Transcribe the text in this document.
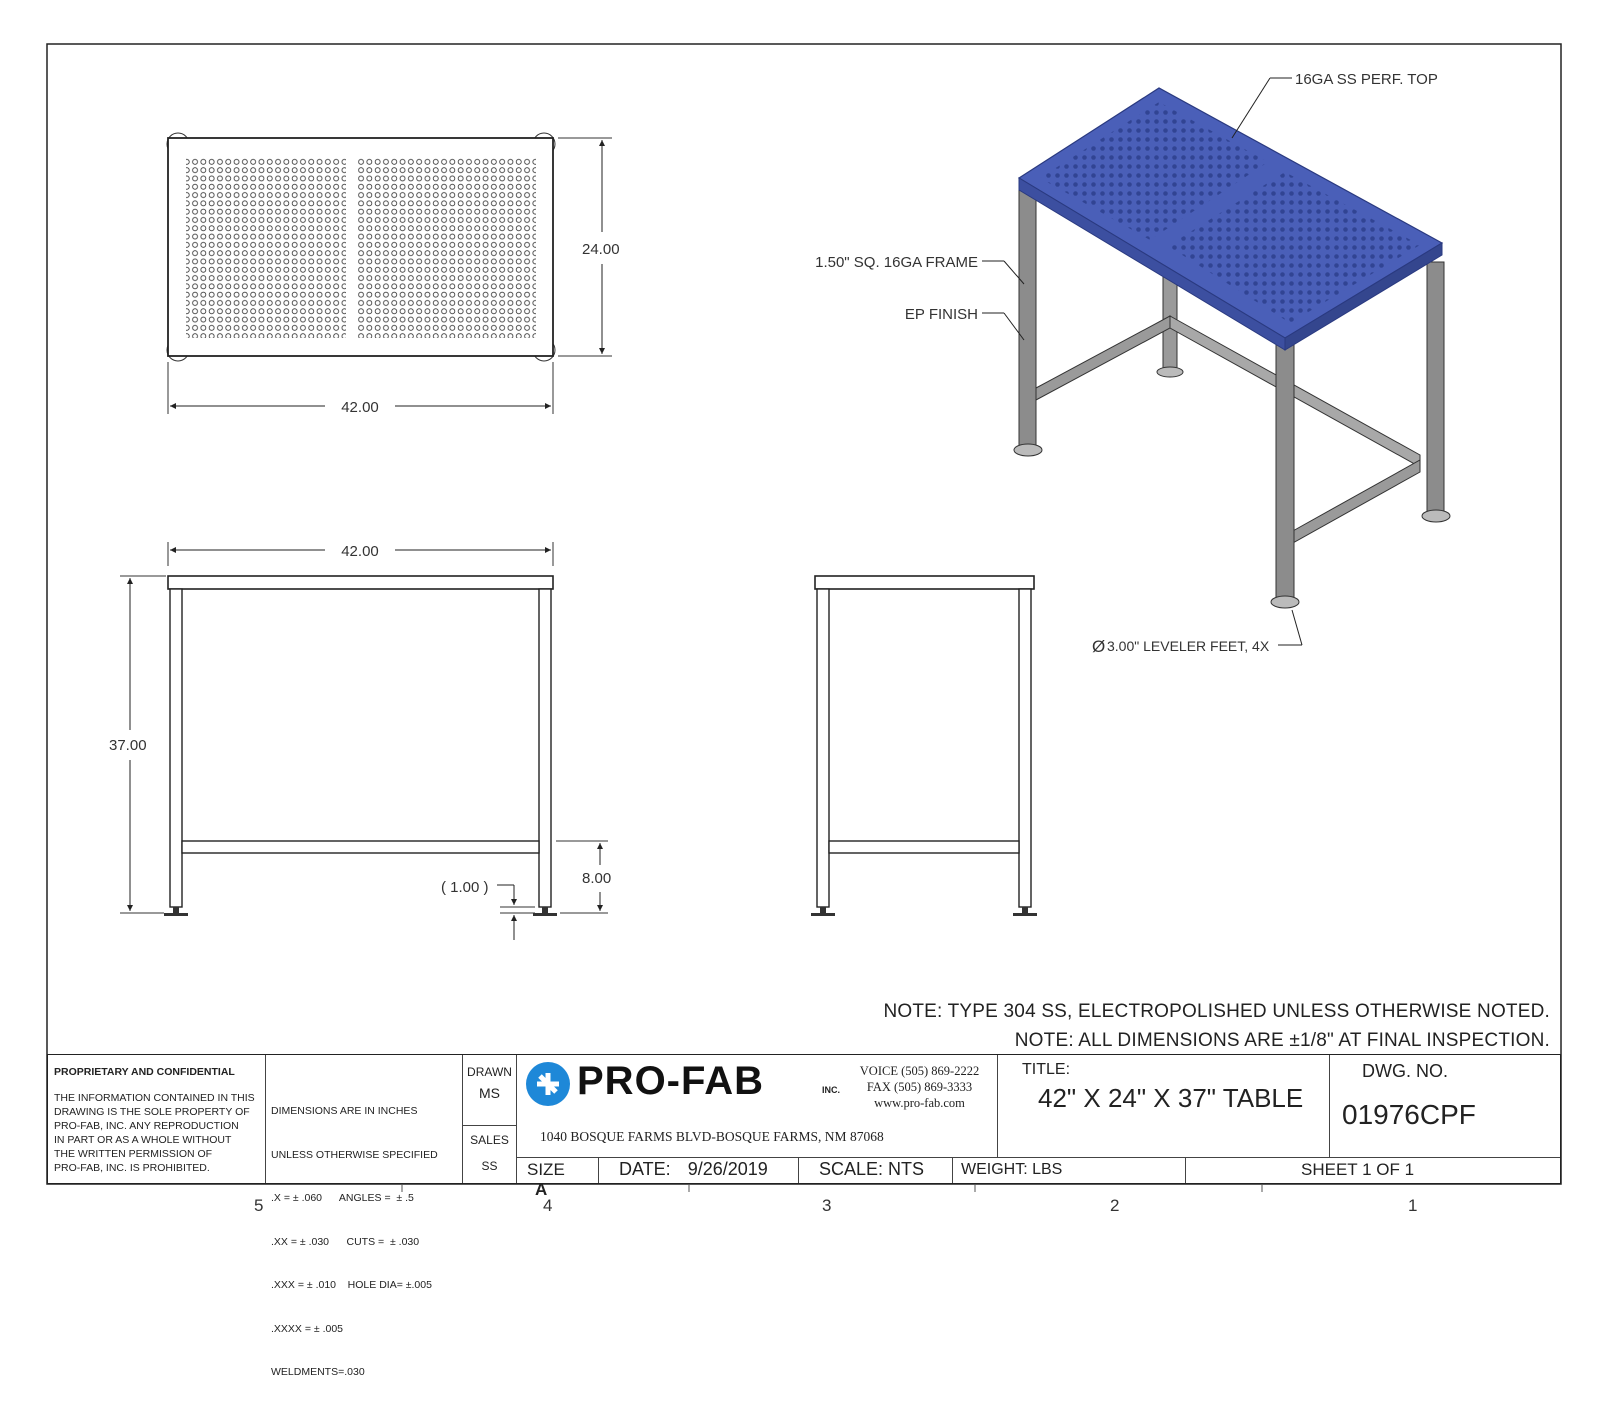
42.00
24.00
42.00
37.00
8.00
( 1.00 )
16GA SS PERF. TOP
1.50" SQ. 16GA FRAME
EP FINISH
Ø 3.00" LEVELER FEET, 4X
NOTE: TYPE 304 SS, ELECTROPOLISHED UNLESS OTHERWISE NOTED.
NOTE: ALL DIMENSIONS ARE ±1/8" AT FINAL INSPECTION.
PROPRIETARY AND CONFIDENTIAL
THE INFORMATION CONTAINED IN THIS
DRAWING IS THE SOLE PROPERTY OF
PRO-FAB, INC. ANY REPRODUCTION
IN PART OR AS A WHOLE WITHOUT
THE WRITTEN PERMISSION OF
PRO-FAB, INC. IS PROHIBITED.

DIMENSIONS ARE IN INCHES

UNLESS OTHERWISE SPECIFIED

.X = ± .060      ANGLES =  ± .5

.XX = ± .030      CUTS =  ± .030

.XXX = ± .010    HOLE DIA= ±.005

.XXXX = ± .005

WELDMENTS=.030

DRAWN
MS
SALES
SS
PRO-FAB	INC.
VOICE (505) 869-2222
FAX (505) 869-3333
www.pro-fab.com
1040 BOSQUE FARMS BLVD-BOSQUE FARMS, NM 87068
TITLE:
42" X 24" X 37" TABLE
DWG. NO.
01976CPF
SIZE A
DATE: 9/26/2019	SCALE: NTS	WEIGHT: LBS	SHEET 1 OF 1
5	4	3	2	1
